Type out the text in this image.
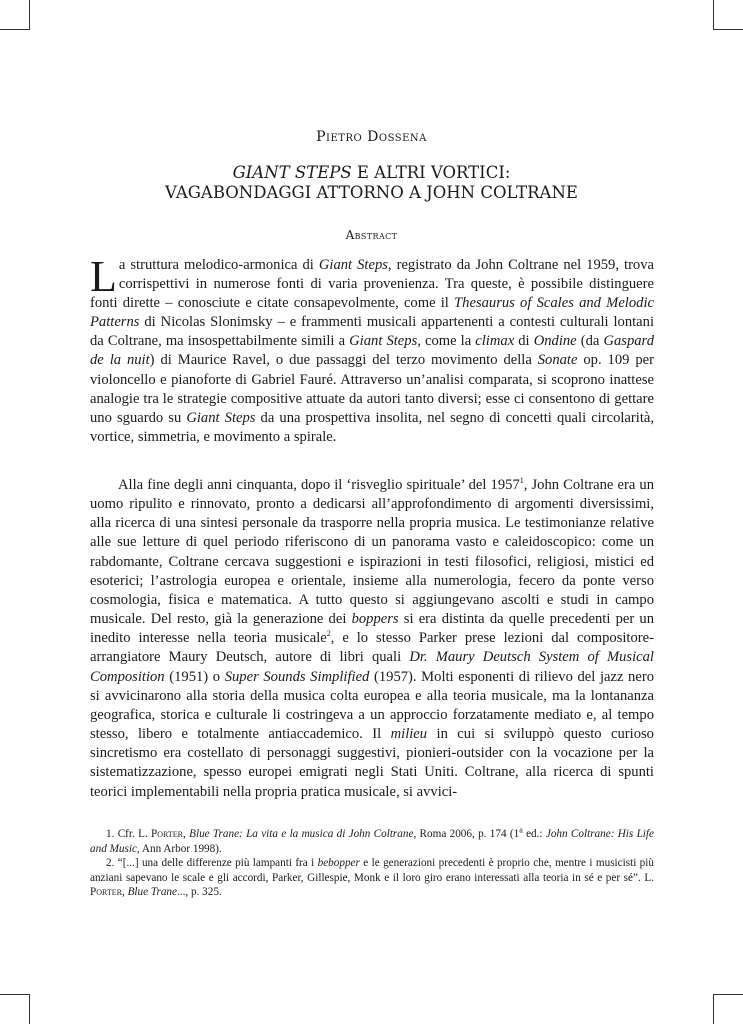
Pietro Dossena
GIANT STEPS E ALTRI VORTICI:
VAGABONDAGGI ATTORNO A JOHN COLTRANE
Abstract

La struttura melodico-armonica di Giant Steps, registrato da John Coltrane nel 1959, trova corrispettivi in numerose fonti di varia provenienza. Tra queste, è possibile distinguere fonti dirette – conosciute e citate consapevolmente, come il Thesaurus of Scales and Melodic Patterns di Nicolas Slonimsky – e frammenti musicali appartenenti a contesti culturali lontani da Coltrane, ma insospettabilmente simili a Giant Steps, come la climax di Ondine (da Gaspard de la nuit) di Maurice Ravel, o due passaggi del terzo movimento della Sonate op. 109 per violoncello e pianoforte di Gabriel Fauré. Attraverso un’analisi comparata, si scoprono inattese analogie tra le strategie compositive attuate da autori tanto diversi; esse ci consentono di gettare uno sguardo su Giant Steps da una prospettiva insolita, nel segno di concetti quali circolarità, vortice, simmetria, e movimento a spirale.

Alla fine degli anni cinquanta, dopo il ‘risveglio spirituale’ del 1957$^1$, John Coltrane era un uomo ripulito e rinnovato, pronto a dedicarsi all’approfondimento di argomenti diversissimi, alla ricerca di una sintesi personale da trasporre nella propria musica. Le testimonianze relative alle sue letture di quel periodo riferiscono di un panorama vasto e caleidoscopico: come un rabdomante, Coltrane cercava suggestioni e ispirazioni in testi filosofici, religiosi, mistici ed esoterici; l’astrologia europea e orientale, insieme alla numerologia, fecero da ponte verso cosmologia, fisica e matematica. A tutto questo si aggiungevano ascolti e studi in campo musicale. Del resto, già la generazione dei boppers si era distinta da quelle precedenti per un inedito interesse nella teoria musicale$^2$, e lo stesso Parker prese lezioni dal compositore-arrangiatore Maury Deutsch, autore di libri quali Dr. Maury Deutsch System of Musical Composition (1951) o Super Sounds Simplified (1957). Molti esponenti di rilievo del jazz nero si avvicinarono alla storia della musica colta europea e alla teoria musicale, ma la lontananza geografica, storica e culturale li costringeva a un approccio forzatamente mediato e, al tempo stesso, libero e totalmente antiaccademico. Il milieu in cui si sviluppò questo curioso sincretismo era costellato di personaggi suggestivi, pionieri-outsider con la vocazione per la sistematizzazione, spesso europei emigrati negli Stati Uniti. Coltrane, alla ricerca di spunti teorici implementabili nella propria pratica musicale, si avvici-

1. Cfr. L. Porter, Blue Trane: La vita e la musica di John Coltrane, Roma 2006, p. 174 (1$^a$ ed.: John Coltrane: His Life and Music, Ann Arbor 1998).

2. “[...] una delle differenze più lampanti fra i bebopper e le generazioni precedenti è proprio che, mentre i musicisti più anziani sapevano le scale e gli accordi, Parker, Gillespie, Monk e il loro giro erano interessati alla teoria in sé e per sé”. L. Porter, Blue Trane..., p. 325.
